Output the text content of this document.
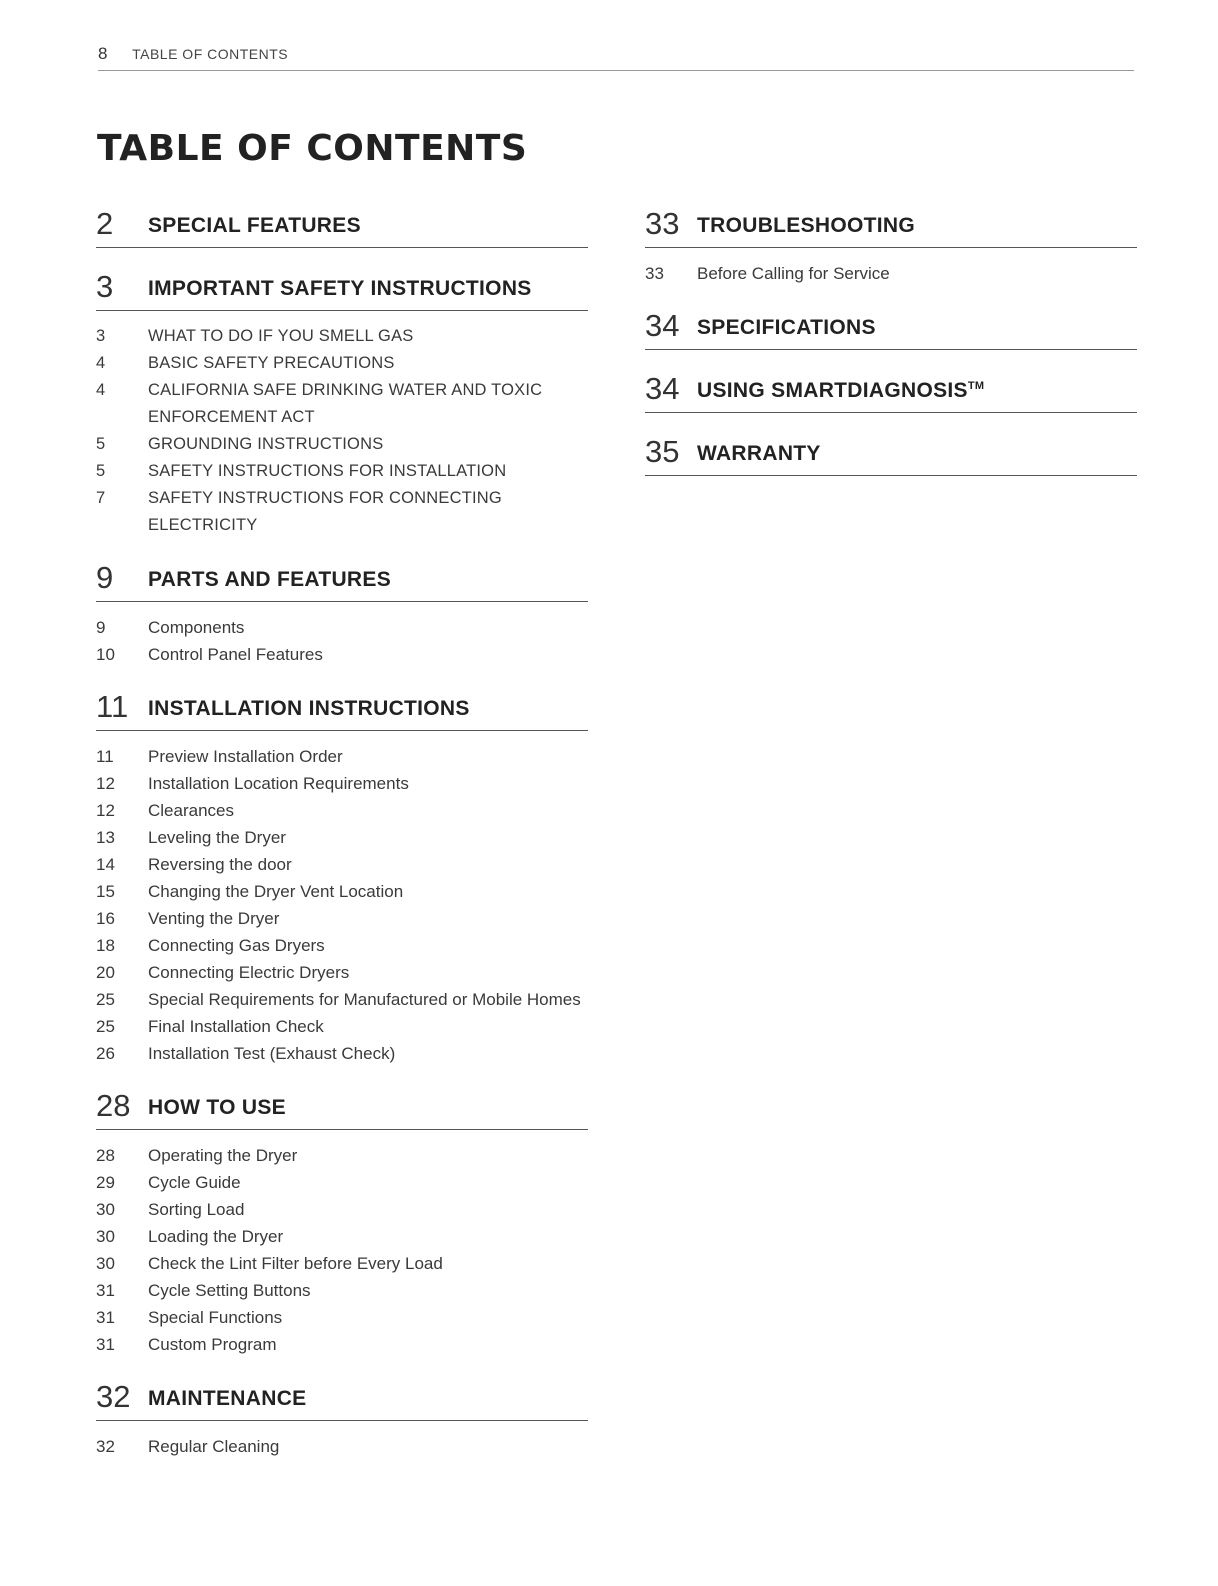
8 TABLE OF CONTENTS
TABLE OF CONTENTS
2	SPECIAL FEATURES
3	IMPORTANT SAFETY INSTRUCTIONS
3	WHAT TO DO IF YOU SMELL GAS
4	BASIC SAFETY PRECAUTIONS
4	CALIFORNIA SAFE DRINKING WATER AND TOXIC ENFORCEMENT ACT
5	GROUNDING INSTRUCTIONS
5	SAFETY INSTRUCTIONS FOR INSTALLATION
7	SAFETY INSTRUCTIONS FOR CONNECTING ELECTRICITY
9	PARTS AND FEATURES
9	Components
10	Control Panel Features
11 INSTALLATION INSTRUCTIONS
11	Preview Installation Order
12	Installation Location Requirements
12	Clearances
13	Leveling the Dryer
14	Reversing the door
15	Changing the Dryer Vent Location
16	Venting the Dryer
18	Connecting Gas Dryers
20	Connecting Electric Dryers
25	Special Requirements for Manufactured or Mobile Homes
25	Final Installation Check
26	Installation Test (Exhaust Check)
28 HOW TO USE
28	Operating the Dryer
29	Cycle Guide
30	Sorting Load
30	Loading the Dryer
30	Check the Lint Filter before Every Load
31	Cycle Setting Buttons
31	Special Functions
31	Custom Program
32 MAINTENANCE
32	Regular Cleaning
33 TROUBLESHOOTING
33	Before Calling for Service
34 SPECIFICATIONS
34 USING SMARTDIAGNOSIS™
35 WARRANTY
